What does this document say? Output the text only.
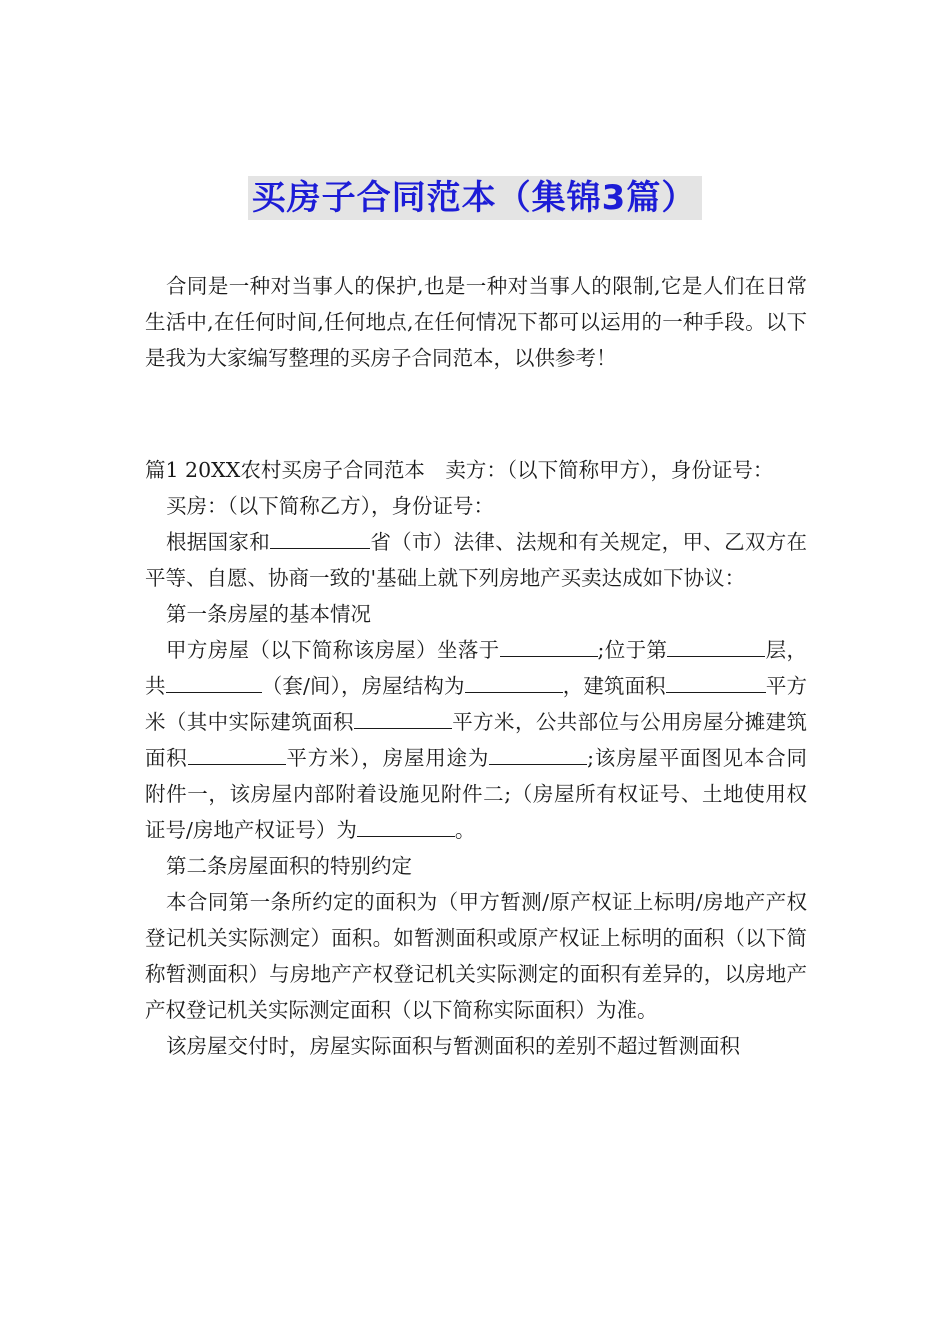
买房子合同范本（集锦3篇）

合同是一种对当事人的保护,也是一种对当事人的限制,它是人们在日常生活中,在任何时间,任何地点,在任何情况下都可以运用的一种手段。以下是我为大家编写整理的买房子合同范本，以供参考！

篇1 20XX农村买房子合同范本　卖方：（以下简称甲方），身份证号：

买房：（以下简称乙方），身份证号：

根据国家和	省（市）法律、法规和有关规定，甲、乙双方在平等、自愿、协商一致的'基础上就下列房地产买卖达成如下协议：

第一条房屋的基本情况

甲方房屋（以下简称该房屋）坐落于	;位于第	层，共	（套/间），房屋结构为	，建筑面积	平方米（其中实际建筑面积	平方米，公共部位与公用房屋分摊建筑面积	平方米），房屋用途为	;该房屋平面图见本合同附件一，该房屋内部附着设施见附件二;（房屋所有权证号、土地使用权证号/房地产权证号）为	。

第二条房屋面积的特别约定

本合同第一条所约定的面积为（甲方暂测/原产权证上标明/房地产产权登记机关实际测定）面积。如暂测面积或原产权证上标明的面积（以下简称暂测面积）与房地产产权登记机关实际测定的面积有差异的，以房地产产权登记机关实际测定面积（以下简称实际面积）为准。

该房屋交付时，房屋实际面积与暂测面积的差别不超过暂测面积
